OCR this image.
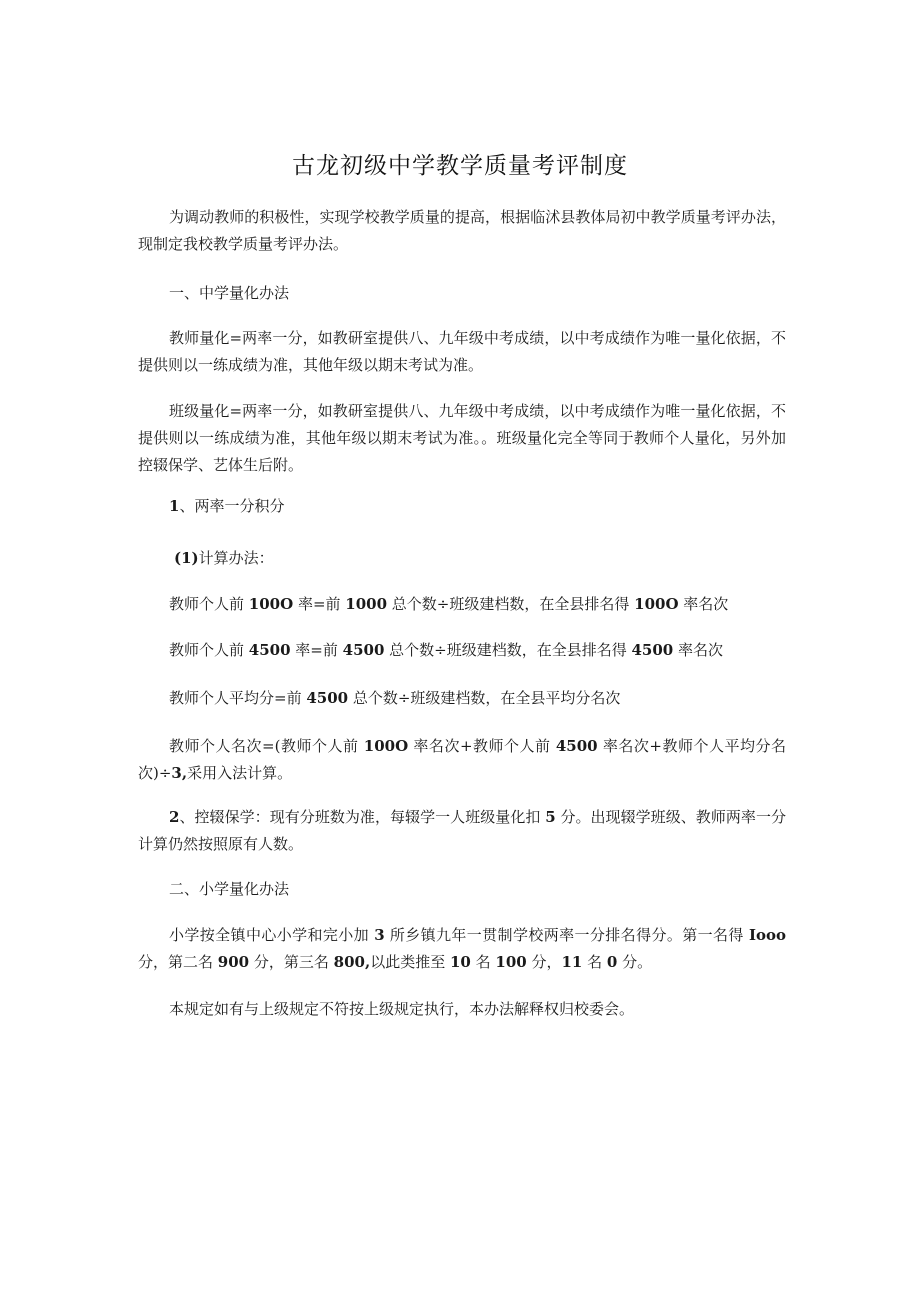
古龙初级中学教学质量考评制度

为调动教师的积极性，实现学校教学质量的提高，根据临沭县教体局初中教学质量考评办法，现制定我校教学质量考评办法。

一、中学量化办法

教师量化=两率一分，如教研室提供八、九年级中考成绩，以中考成绩作为唯一量化依据，不提供则以一练成绩为准，其他年级以期末考试为准。

班级量化=两率一分，如教研室提供八、九年级中考成绩，以中考成绩作为唯一量化依据，不提供则以一练成绩为准，其他年级以期末考试为准。。班级量化完全等同于教师个人量化，另外加控辍保学、艺体生后附。

1、两率一分积分

(1)计算办法：

教师个人前 100O 率=前 1000 总个数÷班级建档数，在全县排名得 100O 率名次

教师个人前 4500 率=前 4500 总个数÷班级建档数，在全县排名得 4500 率名次

教师个人平均分=前 4500 总个数÷班级建档数，在全县平均分名次

教师个人名次=(教师个人前 100O 率名次+教师个人前 4500 率名次+教师个人平均分名次)÷3,采用入法计算。

2、控辍保学：现有分班数为准，每辍学一人班级量化扣 5 分。出现辍学班级、教师两率一分计算仍然按照原有人数。

二、小学量化办法

小学按全镇中心小学和完小加 3 所乡镇九年一贯制学校两率一分排名得分。第一名得 Iooo 分，第二名 900 分，第三名 800,以此类推至 10 名 100 分，11 名 0 分。

本规定如有与上级规定不符按上级规定执行，本办法解释权归校委会。
